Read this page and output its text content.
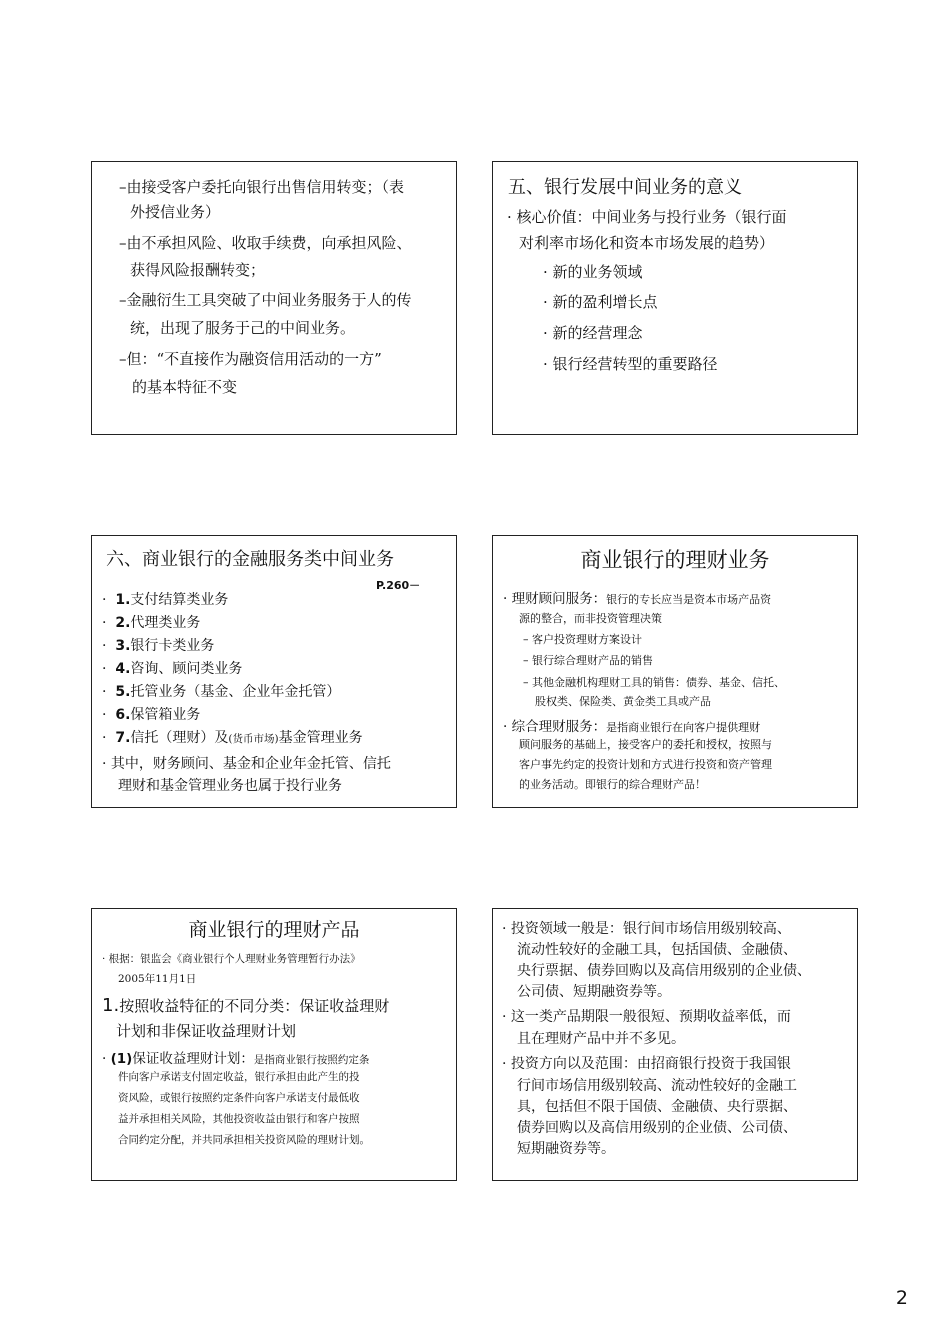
–由接受客户委托向银行出售信用转变；（表
外授信业务）
–由不承担风险、收取手续费，向承担风险、
获得风险报酬转变；
–金融衍生工具突破了中间业务服务于人的传
统，出现了服务于己的中间业务。
–但：“不直接作为融资信用活动的一方”
的基本特征不变
五、银行发展中间业务的意义
· 核心价值：中间业务与投行业务（银行面
对利率市场化和资本市场发展的趋势）
· 新的业务领域
· 新的盈利增长点
· 新的经营理念
· 银行经营转型的重要路径
六、商业银行的金融服务类中间业务
P.260－
· 1.支付结算类业务
· 2.代理类业务
· 3.银行卡类业务
· 4.咨询、顾问类业务
· 5.托管业务（基金、企业年金托管）
· 6.保管箱业务
· 7.信托（理财）及(货币市场)基金管理业务
· 其中，财务顾问、基金和企业年金托管、信托
理财和基金管理业务也属于投行业务
商业银行的理财业务
· 理财顾问服务：银行的专长应当是资本市场产品资
源的整合，而非投资管理决策
– 客户投资理财方案设计
– 银行综合理财产品的销售
– 其他金融机构理财工具的销售：债券、基金、信托、
股权类、保险类、黄金类工具或产品
· 综合理财服务：是指商业银行在向客户提供理财
顾问服务的基础上，接受客户的委托和授权，按照与
客户事先约定的投资计划和方式进行投资和资产管理
的业务活动。即银行的综合理财产品！
商业银行的理财产品
· 根据：银监会《商业银行个人理财业务管理暂行办法》
2005年11月1日
1.按照收益特征的不同分类：保证收益理财
计划和非保证收益理财计划
· (1)保证收益理财计划：是指商业银行按照约定条
件向客户承诺支付固定收益，银行承担由此产生的投
资风险，或银行按照约定条件向客户承诺支付最低收
益并承担相关风险，其他投资收益由银行和客户按照
合同约定分配，并共同承担相关投资风险的理财计划。
· 投资领域一般是：银行间市场信用级别较高、
流动性较好的金融工具，包括国债、金融债、
央行票据、债券回购以及高信用级别的企业债、
公司债、短期融资券等。
· 这一类产品期限一般很短、预期收益率低，而
且在理财产品中并不多见。
· 投资方向以及范围：由招商银行投资于我国银
行间市场信用级别较高、流动性较好的金融工
具，包括但不限于国债、金融债、央行票据、
债券回购以及高信用级别的企业债、公司债、
短期融资券等。
2
